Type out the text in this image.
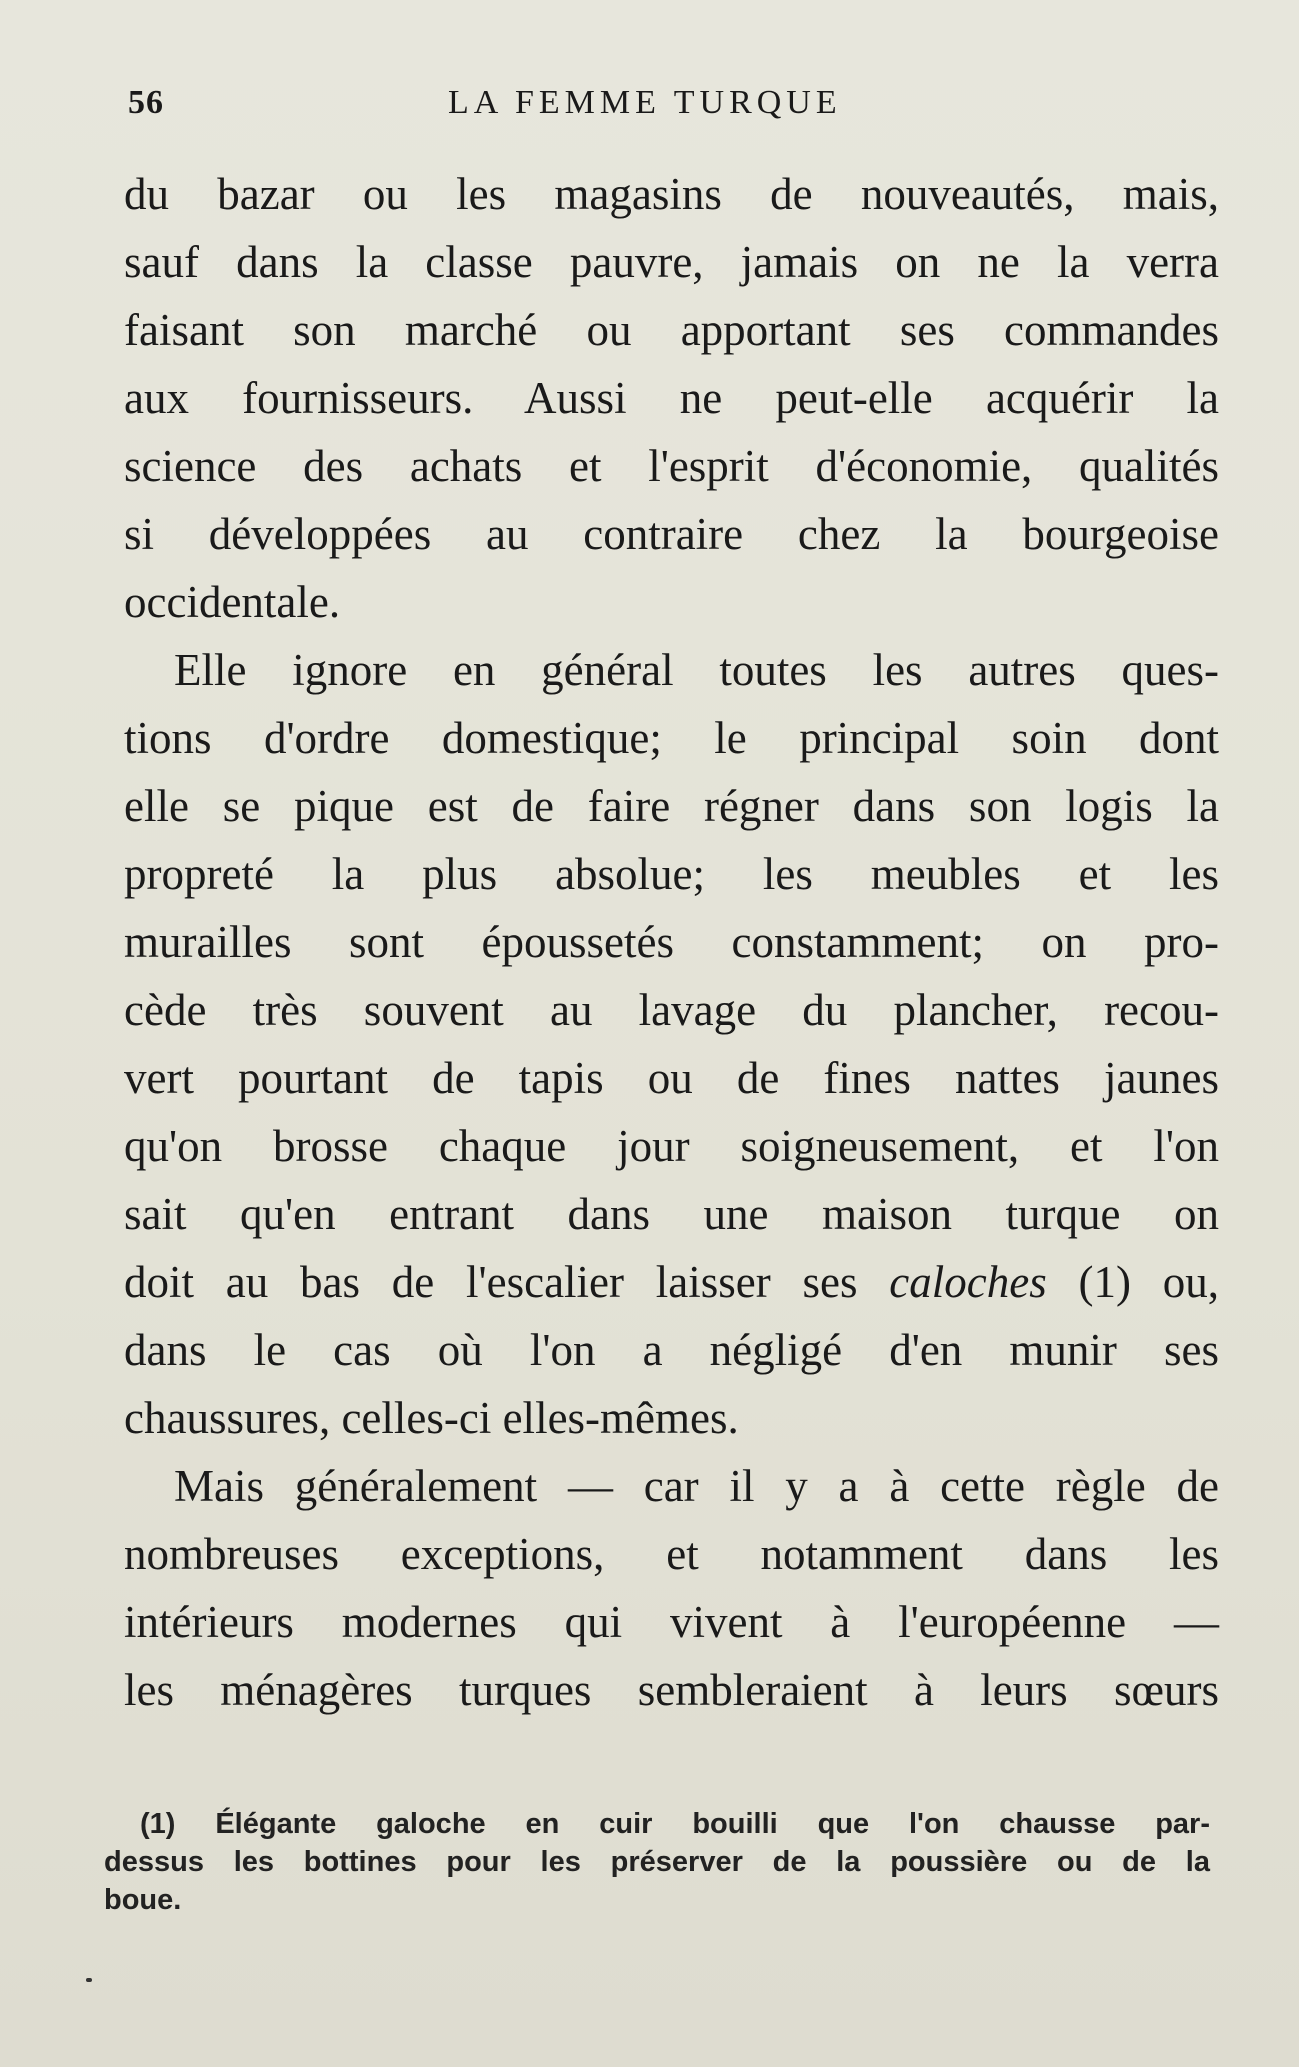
56	LA FEMME TURQUE
du bazar ou les magasins de nouveautés, mais,
sauf dans la classe pauvre, jamais on ne la verra
faisant son marché ou apportant ses commandes
aux fournisseurs. Aussi ne peut-elle acquérir la
science des achats et l'esprit d'économie, qualités
si développées au contraire chez la bourgeoise
occidentale.
Elle ignore en général toutes les autres ques-
tions d'ordre domestique; le principal soin dont
elle se pique est de faire régner dans son logis la
propreté la plus absolue; les meubles et les
murailles sont époussetés constamment; on pro-
cède très souvent au lavage du plancher, recou-
vert pourtant de tapis ou de fines nattes jaunes
qu'on brosse chaque jour soigneusement, et l'on
sait qu'en entrant dans une maison turque on
doit au bas de l'escalier laisser ses caloches (1) ou,
dans le cas où l'on a négligé d'en munir ses
chaussures, celles-ci elles-mêmes.
Mais généralement — car il y a à cette règle de
nombreuses exceptions, et notamment dans les
intérieurs modernes qui vivent à l'européenne —
les ménagères turques sembleraient à leurs sœurs
(1) Élégante galoche en cuir bouilli que l'on chausse par-
dessus les bottines pour les préserver de la poussière ou de la
boue.
